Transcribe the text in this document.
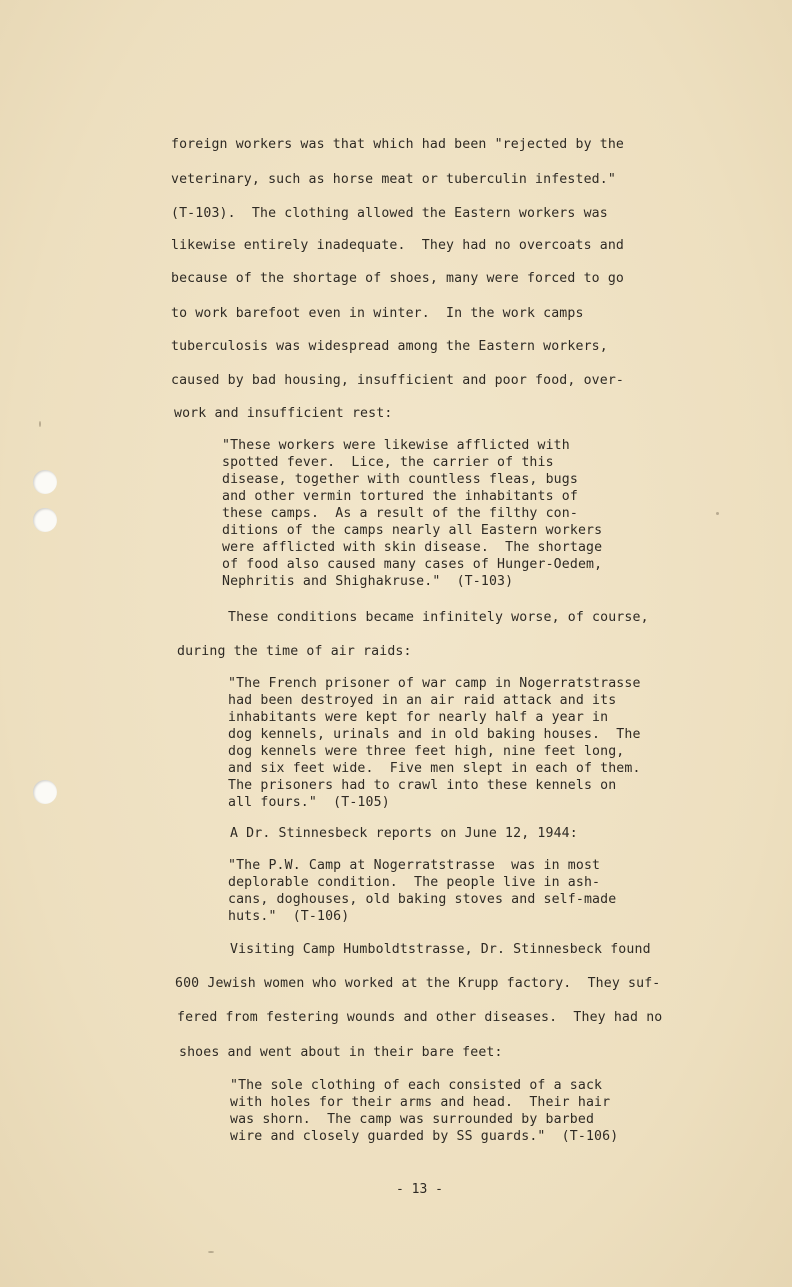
foreign workers was that which had been "rejected by the
veterinary, such as horse meat or tuberculin infested."
(T-103).  The clothing allowed the Eastern workers was
likewise entirely inadequate.  They had no overcoats and
because of the shortage of shoes, many were forced to go
to work barefoot even in winter.  In the work camps
tuberculosis was widespread among the Eastern workers,
caused by bad housing, insufficient and poor food, over-
work and insufficient rest:
"These workers were likewise afflicted with
spotted fever.  Lice, the carrier of this
disease, together with countless fleas, bugs
and other vermin tortured the inhabitants of
these camps.  As a result of the filthy con-
ditions of the camps nearly all Eastern workers
were afflicted with skin disease.  The shortage
of food also caused many cases of Hunger-Oedem,
Nephritis and Shighakruse."  (T-103)
These conditions became infinitely worse, of course,
during the time of air raids:
"The French prisoner of war camp in Nogerratstrasse
had been destroyed in an air raid attack and its
inhabitants were kept for nearly half a year in
dog kennels, urinals and in old baking houses.  The
dog kennels were three feet high, nine feet long,
and six feet wide.  Five men slept in each of them.
The prisoners had to crawl into these kennels on
all fours."  (T-105)
A Dr. Stinnesbeck reports on June 12, 1944:
"The P.W. Camp at Nogerratstrasse  was in most
deplorable condition.  The people live in ash-
cans, doghouses, old baking stoves and self-made
huts."  (T-106)
Visiting Camp Humboldtstrasse, Dr. Stinnesbeck found
600 Jewish women who worked at the Krupp factory.  They suf-
fered from festering wounds and other diseases.  They had no
shoes and went about in their bare feet:
"The sole clothing of each consisted of a sack
with holes for their arms and head.  Their hair
was shorn.  The camp was surrounded by barbed
wire and closely guarded by SS guards."  (T-106)
- 13 -
